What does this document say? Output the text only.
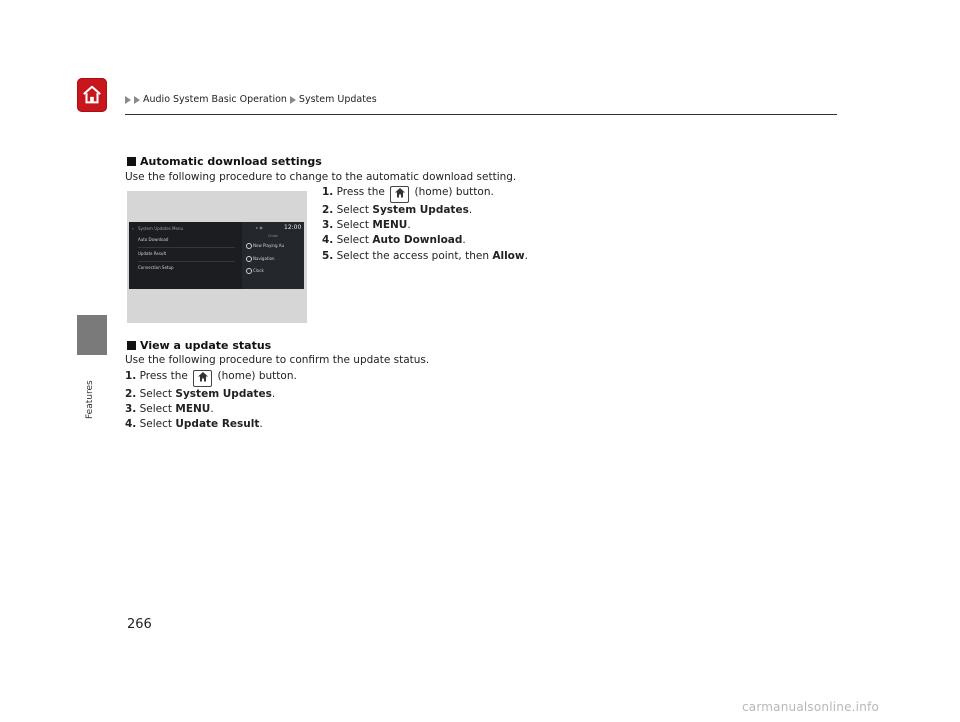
Features
Audio System Basic Operation System Updates
Automatic download settings
Use the following procedure to change to the automatic download setting.
1. Press the	(home) button.
2. Select System Updates.
3. Select MENU.
4. Select Auto Download.
5. Select the access point, then Allow.
‹ System Updates Menu
Auto Download
Update Result
Connection Setup
▸ ◉	12:00
Cmds
Now Playing Au
Navigation
Clock
View a update status
Use the following procedure to confirm the update status.
1. Press the	(home) button.
2. Select System Updates.
3. Select MENU.
4. Select Update Result.
266
carmanualsonline.info
